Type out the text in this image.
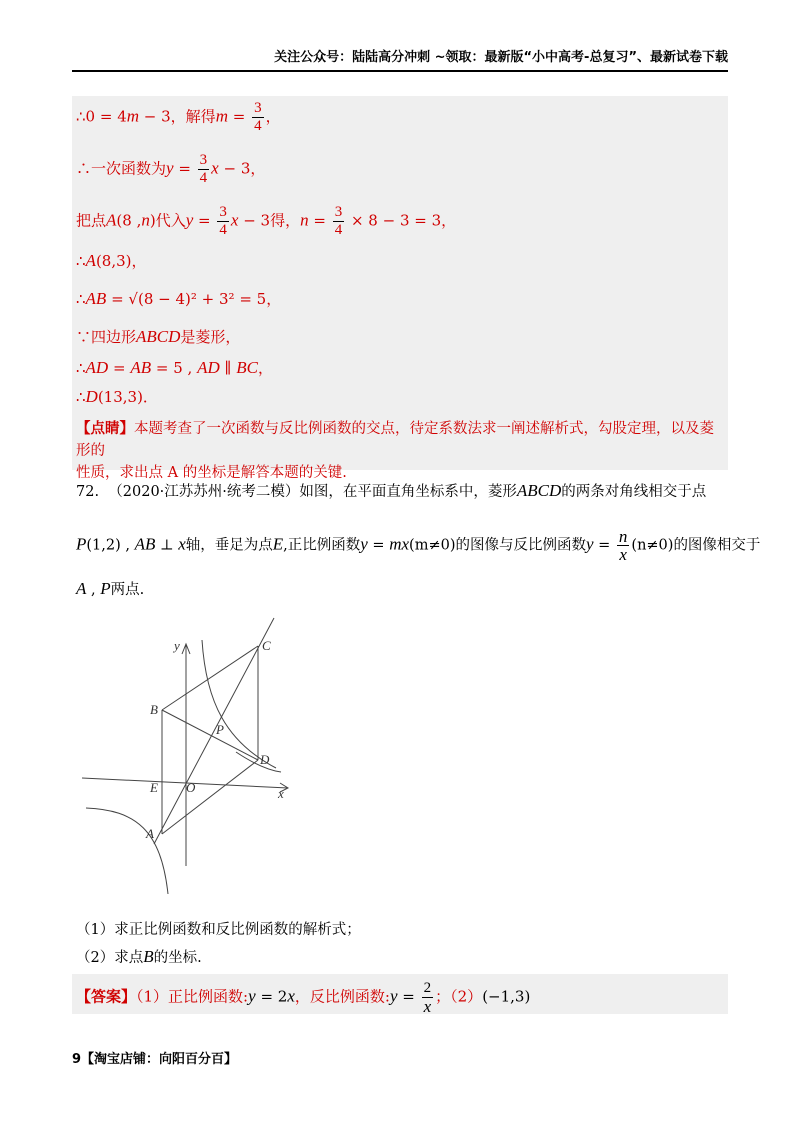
关注公众号：陆陆高分冲刺 ~领取：最新版“小中高考-总复习”、最新试卷下载
∴0 = 4m − 3，解得$m = \frac{3}{4}$ ，
∴一次函数为$y = \frac{3}{4}$ x − 3，
把点A(8 ,n)代入$y = \frac{3}{4}$ x − 3得，$n = \frac{3}{4} \times 8 - 3 = 3$，
∴A(8,3)，
∴AB = √(8 − 4)² + 3² = 5，
∵四边形ABCD是菱形，
∴AD = AB = 5 , AD ∥ BC，
∴D(13,3)．
【点睛】本题考查了一次函数与反比例函数的交点，待定系数法求一阐述解析式，勾股定理，以及菱形的
性质，求出点 A 的坐标是解答本题的关键.
72. （2020·江苏苏州·统考二模）如图，在平面直角坐标系中，菱形ABCD的两条对角线相交于点
P(1,2) , AB ⊥ x轴，垂足为点E,正比例函数y = mx(m≠0)的图像与反比例函数$y = \frac{n}{x} (n\ne 0)$的图像相交于
A , P两点.
y
x
C
B
P
D
E O
A
（1）求正比例函数和反比例函数的解析式；
（2）求点B的坐标.
【答案】（1）正比例函数:y = 2x，反比例函数:y = $\frac{2}{x}$ ；（2）(−1,3)
9【淘宝店铺：向阳百分百】
